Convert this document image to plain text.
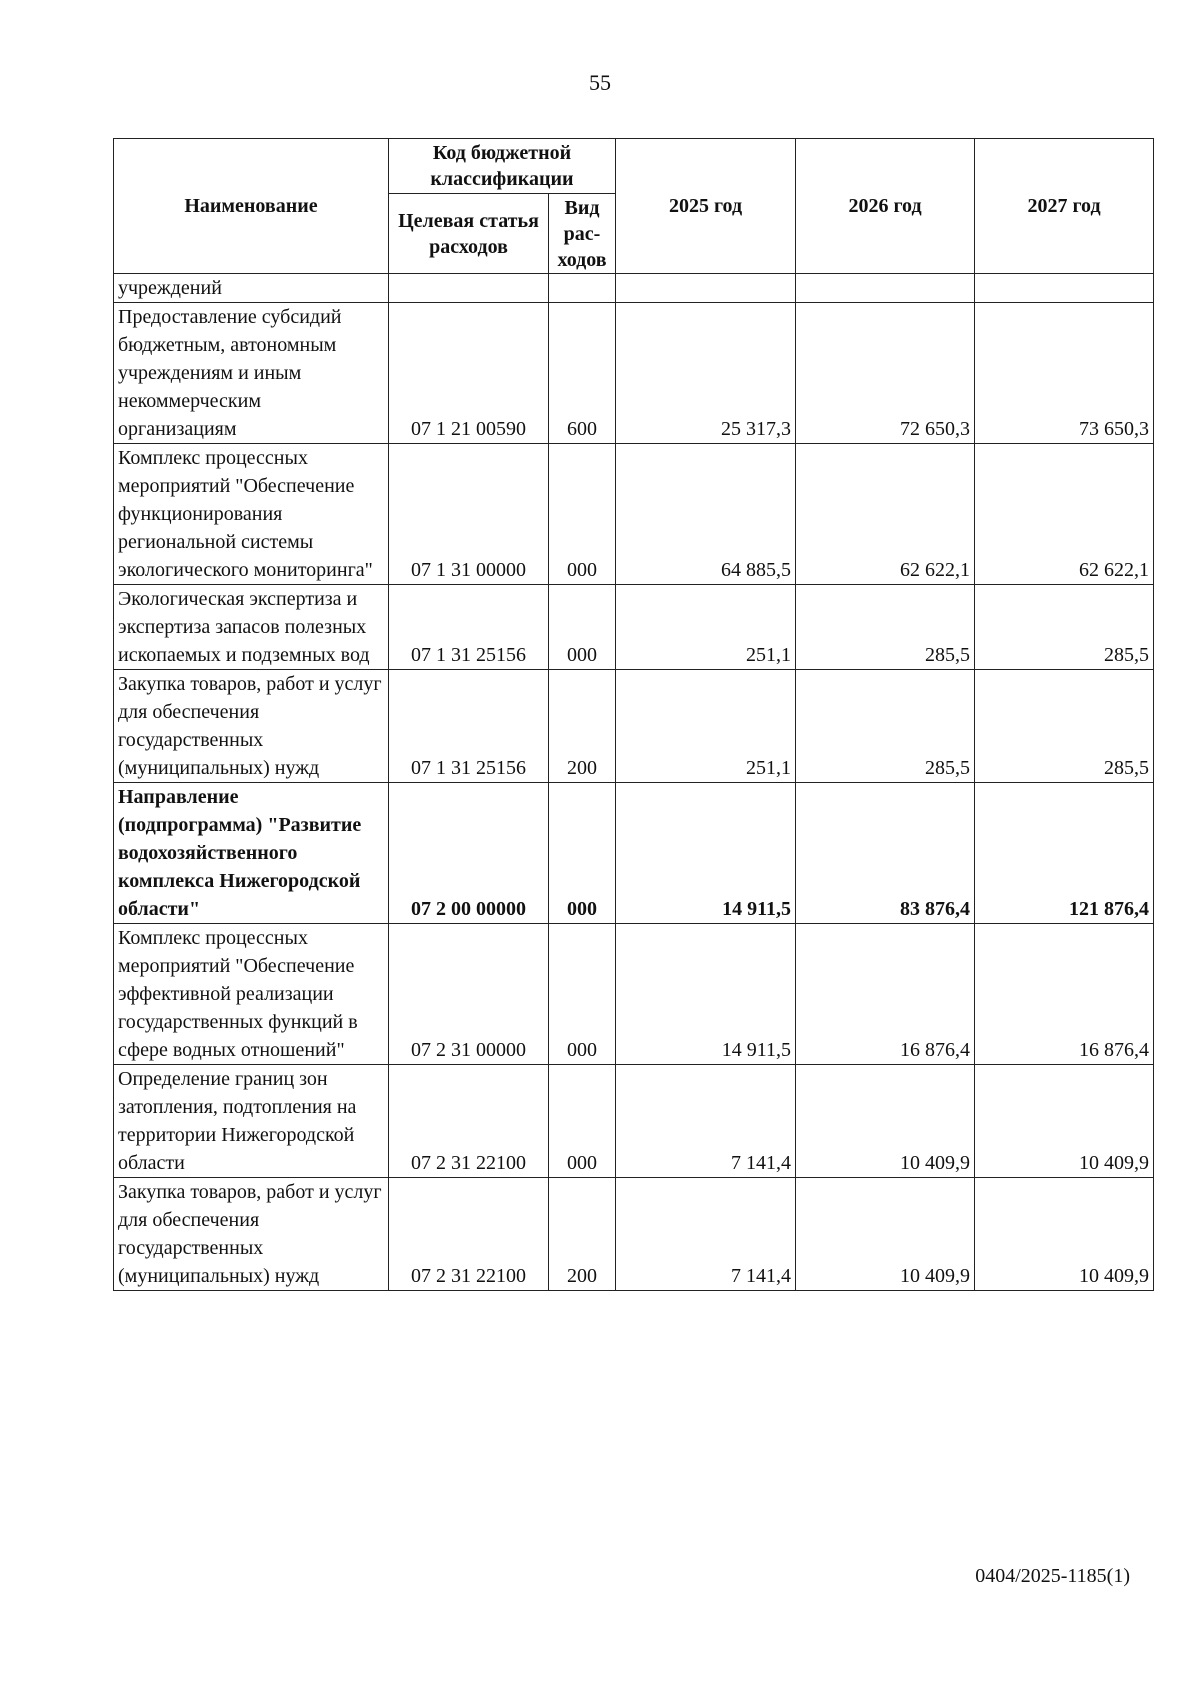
55
Наименование	Код бюджетной классификации		2025 год	2026 год	2027 год
	Целевая статья расходов	Вид рас- ходов			
учреждений					
Предоставление субсидий бюджетным, автономным учреждениям и иным некоммерческим организациям	07 1 21 00590	600	25 317,3	72 650,3	73 650,3
Комплекс процессных мероприятий "Обеспечение функционирования региональной системы экологического мониторинга"	07 1 31 00000	000	64 885,5	62 622,1	62 622,1
Экологическая экспертиза и экспертиза запасов полезных ископаемых и подземных вод	07 1 31 25156	000	251,1	285,5	285,5
Закупка товаров, работ и услуг для обеспечения государственных (муниципальных) нужд	07 1 31 25156	200	251,1	285,5	285,5
Направление (подпрограмма) "Развитие водохозяйственного комплекса Нижегородской области"	07 2 00 00000	000	14 911,5	83 876,4	121 876,4
Комплекс процессных мероприятий "Обеспечение эффективной реализации государственных функций в сфере водных отношений"	07 2 31 00000	000	14 911,5	16 876,4	16 876,4
Определение границ зон затопления, подтопления на территории Нижегородской области	07 2 31 22100	000	7 141,4	10 409,9	10 409,9
Закупка товаров, работ и услуг для обеспечения государственных (муниципальных) нужд	07 2 31 22100	200	7 141,4	10 409,9	10 409,9
0404/2025-1185(1)
